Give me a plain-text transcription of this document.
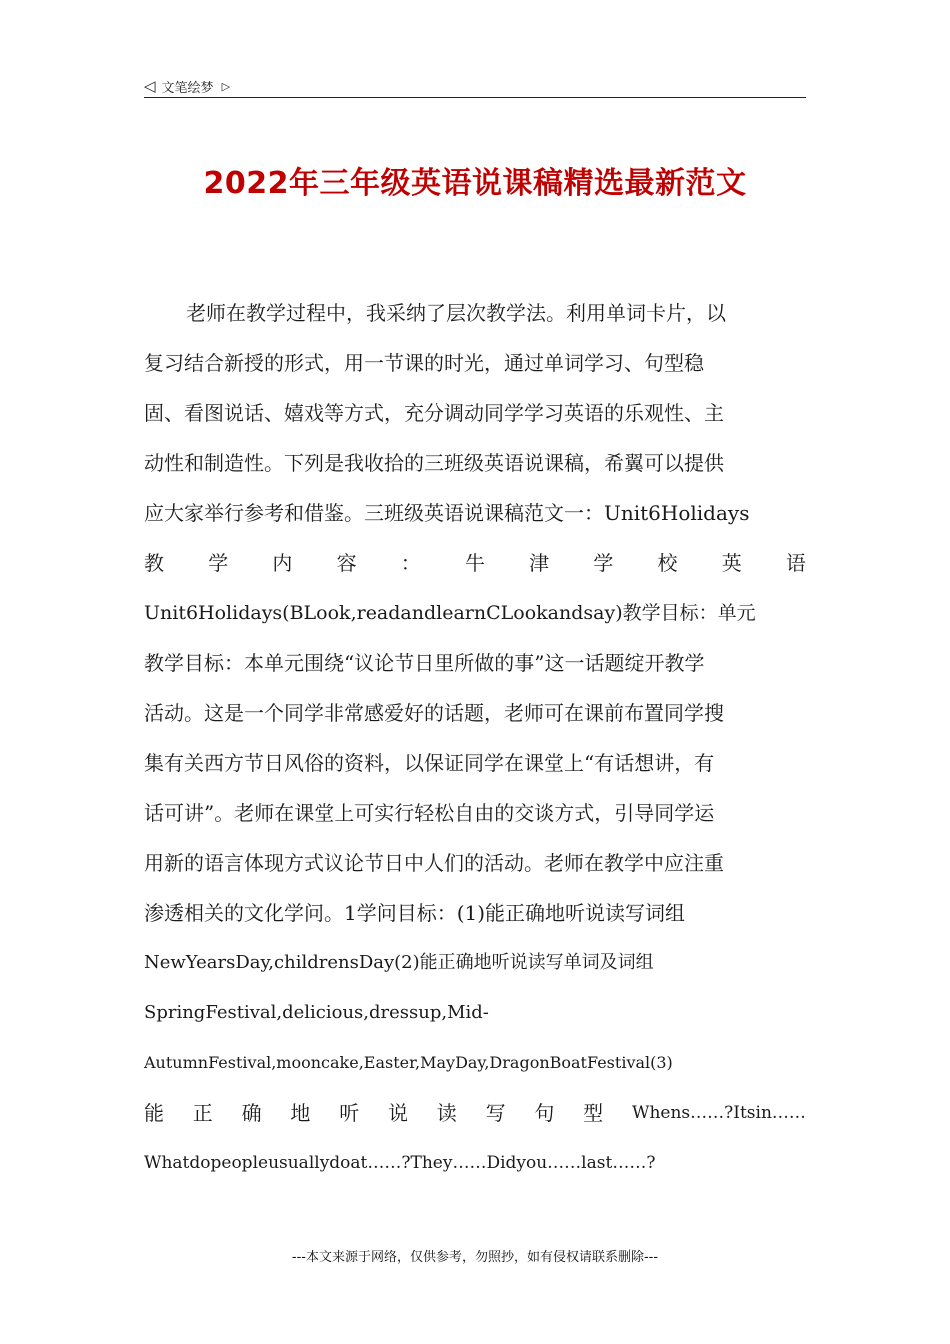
◁ 文笔绘梦 ▷
2022年三年级英语说课稿精选最新范文
老师在教学过程中，我采纳了层次教学法。利用单词卡片，以
复习结合新授的形式，用一节课的时光，通过单词学习、句型稳
固、看图说话、嬉戏等方式，充分调动同学学习英语的乐观性、主
动性和制造性。下列是我收拾的三班级英语说课稿，希翼可以提供
应大家举行参考和借鉴。三班级英语说课稿范文一：Unit6Holidays
教 学 内 容 ： 牛 津 学 校 英 语
Unit6Holidays(BLook,readandlearnCLookandsay)教学目标：单元
教学目标：本单元围绕“议论节日里所做的事”这一话题绽开教学
活动。这是一个同学非常感爱好的话题，老师可在课前布置同学搜
集有关西方节日风俗的资料，以保证同学在课堂上“有话想讲，有
话可讲”。老师在课堂上可实行轻松自由的交谈方式，引导同学运
用新的语言体现方式议论节日中人们的活动。老师在教学中应注重
渗透相关的文化学问。1学问目标：(1)能正确地听说读写词组
NewYearsDay,childrensDay(2)能正确地听说读写单词及词组
SpringFestival,delicious,dressup,Mid-
AutumnFestival,mooncake,Easter,MayDay,DragonBoatFestival(3)
能 正 确 地 听 说 读 写 句 型 Whens……?Itsin……
Whatdopeopleusuallydoat……?They……Didyou……last……?
---本文来源于网络，仅供参考，勿照抄，如有侵权请联系删除---
